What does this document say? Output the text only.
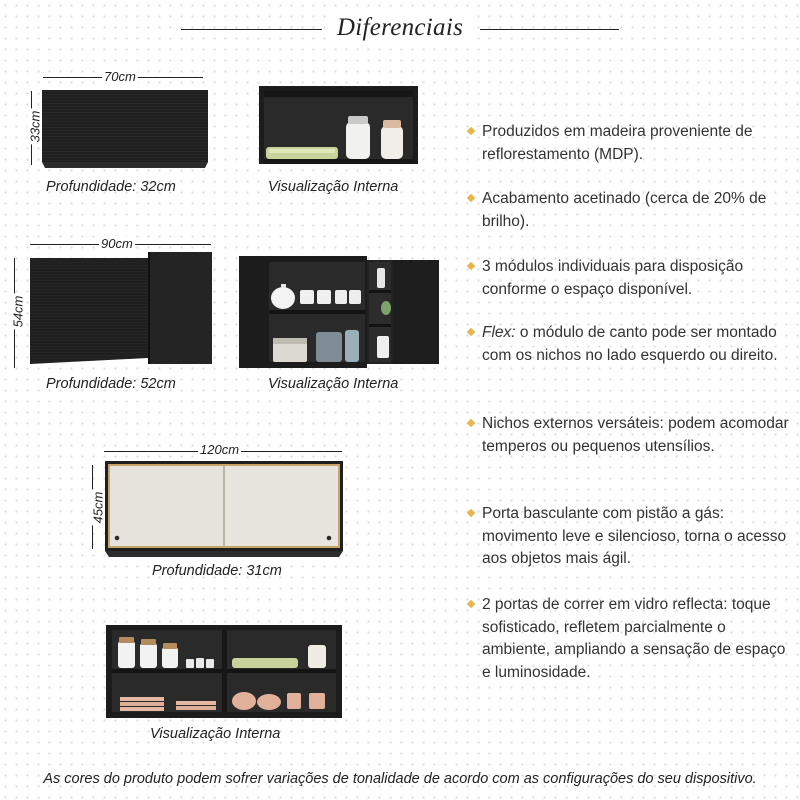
Diferenciais
70cm
33cm
Profundidade: 32cm	Visualização Interna
90cm
54cm
Profundidade: 52cm	Visualização Interna
120cm
45cm
Profundidade: 31cm
Visualização Interna
Produzidos em madeira proveniente de reflorestamento (MDP).
Acabamento acetinado (cerca de 20% de brilho).
3 módulos individuais para disposição conforme o espaço disponível.
Flex: o módulo de canto pode ser montado com os nichos no lado esquerdo ou direito.
Nichos externos versáteis: podem acomodar temperos ou pequenos utensílios.
Porta basculante com pistão a gás: movimento leve e silencioso, torna o acesso aos objetos mais ágil.
2 portas de correr em vidro reflecta: toque sofisticado, refletem parcialmente o ambiente, ampliando a sensação de espaço e luminosidade.
As cores do produto podem sofrer variações de tonalidade de acordo com as configurações do seu dispositivo.
